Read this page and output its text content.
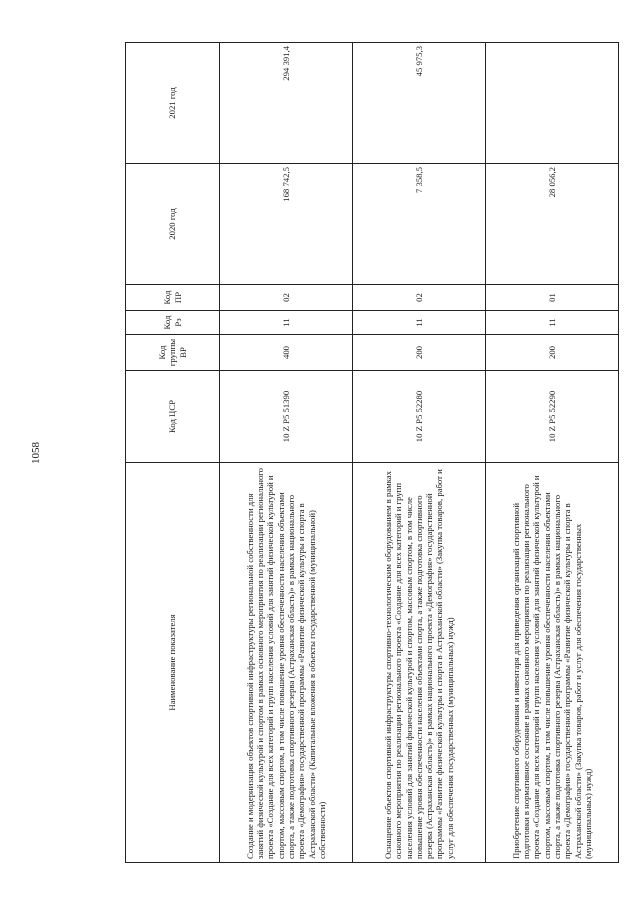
1058
Наименование показателя	Код ЦСР	Код группы ВР	Код Рз	Код ПР	2020 год	2021 год
Создание и модернизация объектов спортивной инфраструктуры региональной собственности для занятий физической культурой и спортом в рамках основного мероприятия по реализации регионального проекта «Создание для всех категорий и групп населения условий для занятий физической культурой и спортом, массовым спортом, в том числе повышение уровня обеспеченности населения объектами спорта, а также подготовка спортивного резерва (Астраханская область)» в рамках национального проекта «Демография» государственной программы «Развитие физической культуры и спорта в Астраханской области» (Капитальные вложения в объекты государственной (муниципальной) собственности)	10 Z P5 51390	400	11	02	168 742,5	294 391,4
Оснащение объектов спортивной инфраструктуры спортивно-технологическим оборудованием в рамках основного мероприятия по реализации регионального проекта «Создание для всех категорий и групп населения условий для занятий физической культурой и спортом, массовым спортом, в том числе повышение уровня обеспеченности населения объектами спорта, а также подготовка спортивного резерва (Астраханская область)» в рамках национального проекта «Демография» государственной программы «Развитие физической культуры и спорта в Астраханской области» (Закупка товаров, работ и услуг для обеспечения государственных (муниципальных) нужд)	10 Z P5 52280	200	11	02	7 358,5	45 975,3
Приобретение спортивного оборудования и инвентаря для приведения организаций спортивной подготовки в нормативное состояние в рамках основного мероприятия по реализации регионального проекта «Создание для всех категорий и групп населения условий для занятий физической культурой и спортом, массовым спортом, в том числе повышение уровня обеспеченности населения объектами спорта, а также подготовка спортивного резерва (Астраханская область)» в рамках национального проекта «Демография» государственной программы «Развитие физической культуры и спорта в Астраханской области» (Закупка товаров, работ и услуг для обеспечения государственных (муниципальных) нужд)	10 Z P5 52290	200	11	01	28 056,2	
